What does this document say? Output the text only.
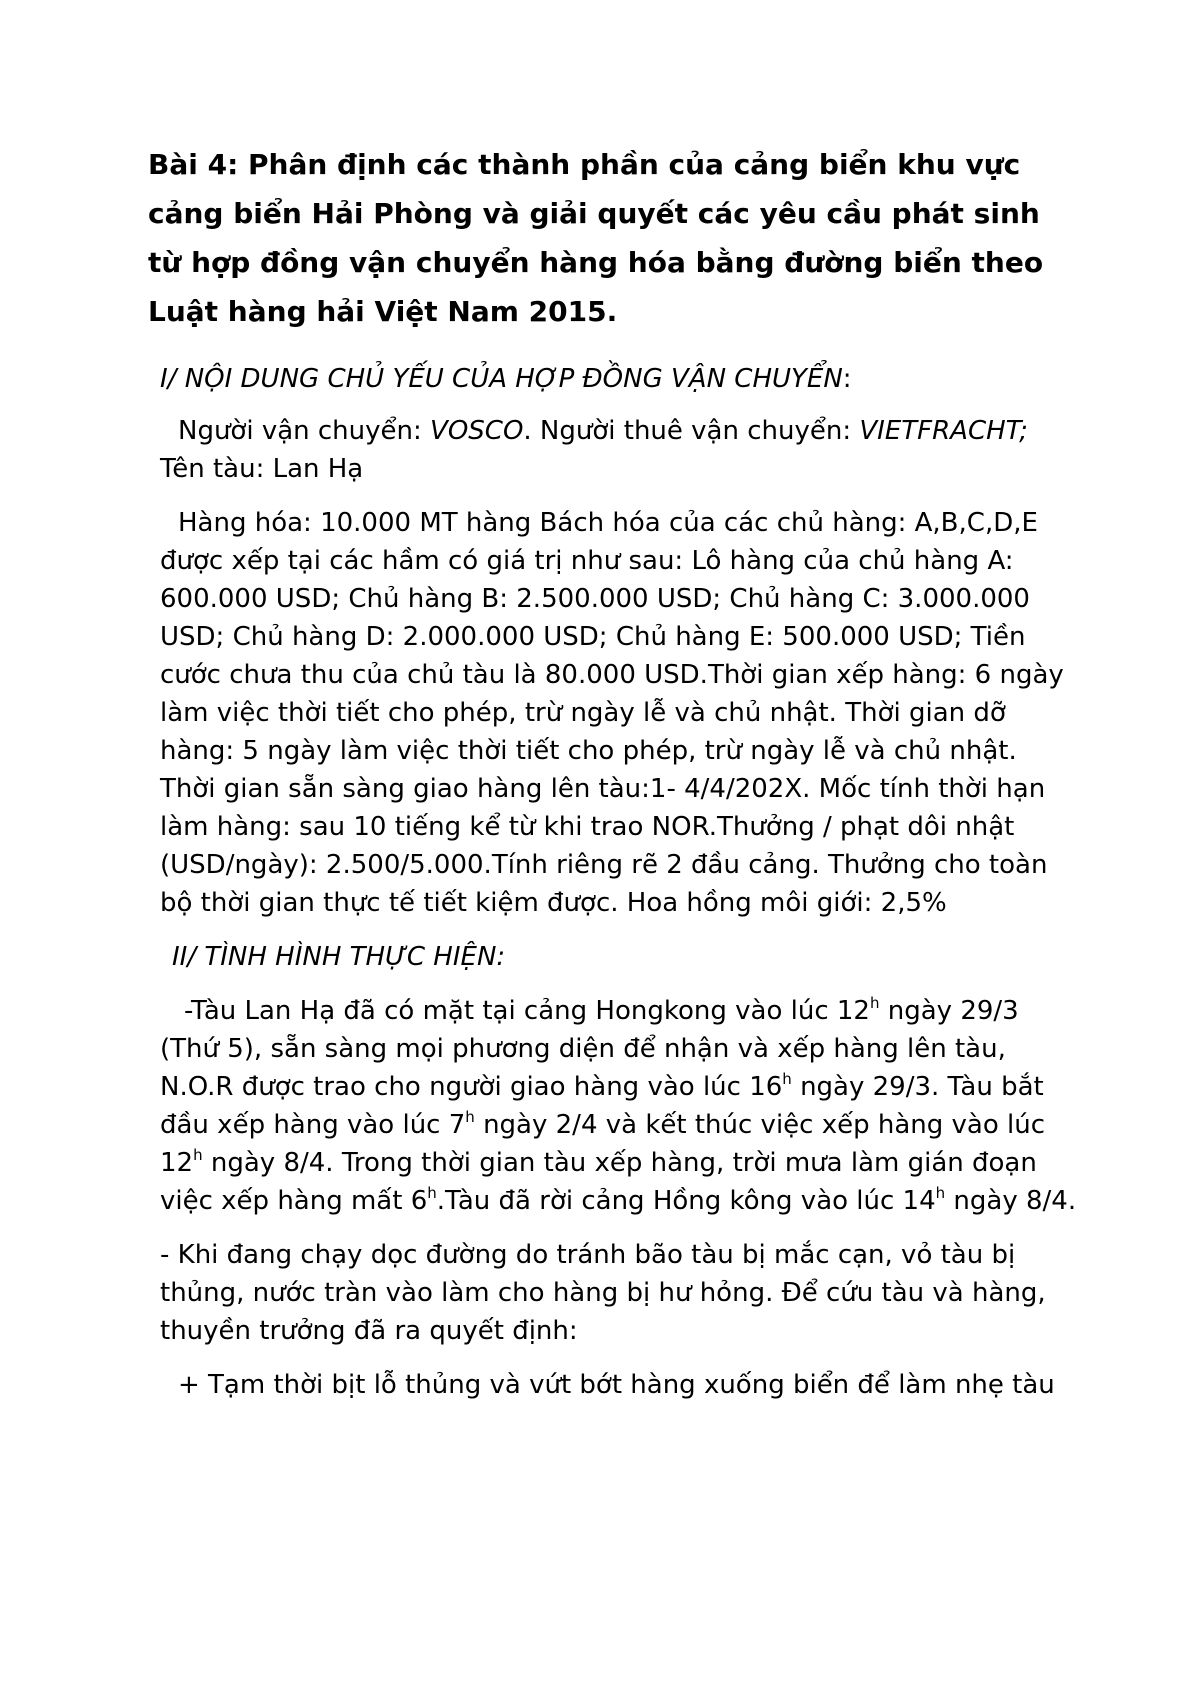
Bài 4: Phân định các thành phần của cảng biển khu vực cảng biển Hải Phòng và giải quyết các yêu cầu phát sinh từ hợp đồng vận chuyển hàng hóa bằng đường biển theo Luật hàng hải Việt Nam 2015.

I/ NỘI DUNG CHỦ YẾU CỦA HỢP ĐỒNG VẬN CHUYỂN:

Người vận chuyển: VOSCO. Người thuê vận chuyển: VIETFRACHT; Tên tàu: Lan Hạ

Hàng hóa: 10.000 MT hàng Bách hóa của các chủ hàng: A,B,C,D,E được xếp tại các hầm có giá trị như sau: Lô hàng của chủ hàng A: 600.000 USD; Chủ hàng B: 2.500.000 USD; Chủ hàng C: 3.000.000 USD; Chủ hàng D: 2.000.000 USD; Chủ hàng E: 500.000 USD; Tiền cước chưa thu của chủ tàu là 80.000 USD.Thời gian xếp hàng: 6 ngày làm việc thời tiết cho phép, trừ ngày lễ và chủ nhật. Thời gian dỡ hàng: 5 ngày làm việc thời tiết cho phép, trừ ngày lễ và chủ nhật. Thời gian sẵn sàng giao hàng lên tàu:1- 4/4/202X. Mốc tính thời hạn làm hàng: sau 10 tiếng kể từ khi trao NOR.Thưởng / phạt dôi nhật (USD/ngày): 2.500/5.000.Tính riêng rẽ 2 đầu cảng. Thưởng cho toàn bộ thời gian thực tế tiết kiệm được. Hoa hồng môi giới: 2,5%

II/ TÌNH HÌNH THỰC HIỆN:

-Tàu Lan Hạ đã có mặt tại cảng Hongkong vào lúc 12$^h$ ngày 29/3 (Thứ 5), sẵn sàng mọi phương diện để nhận và xếp hàng lên tàu, N.O.R được trao cho người giao hàng vào lúc 16$^h$ ngày 29/3. Tàu bắt đầu xếp hàng vào lúc 7$^h$ ngày 2/4 và kết thúc việc xếp hàng vào lúc 12$^h$ ngày 8/4. Trong thời gian tàu xếp hàng, trời mưa làm gián đoạn việc xếp hàng mất 6$^h$.Tàu đã rời cảng Hồng kông vào lúc 14$^h$ ngày 8/4.

- Khi đang chạy dọc đường do tránh bão tàu bị mắc cạn, vỏ tàu bị thủng, nước tràn vào làm cho hàng bị hư hỏng. Để cứu tàu và hàng, thuyền trưởng đã ra quyết định:

+ Tạm thời bịt lỗ thủng và vứt bớt hàng xuống biển để làm nhẹ tàu
